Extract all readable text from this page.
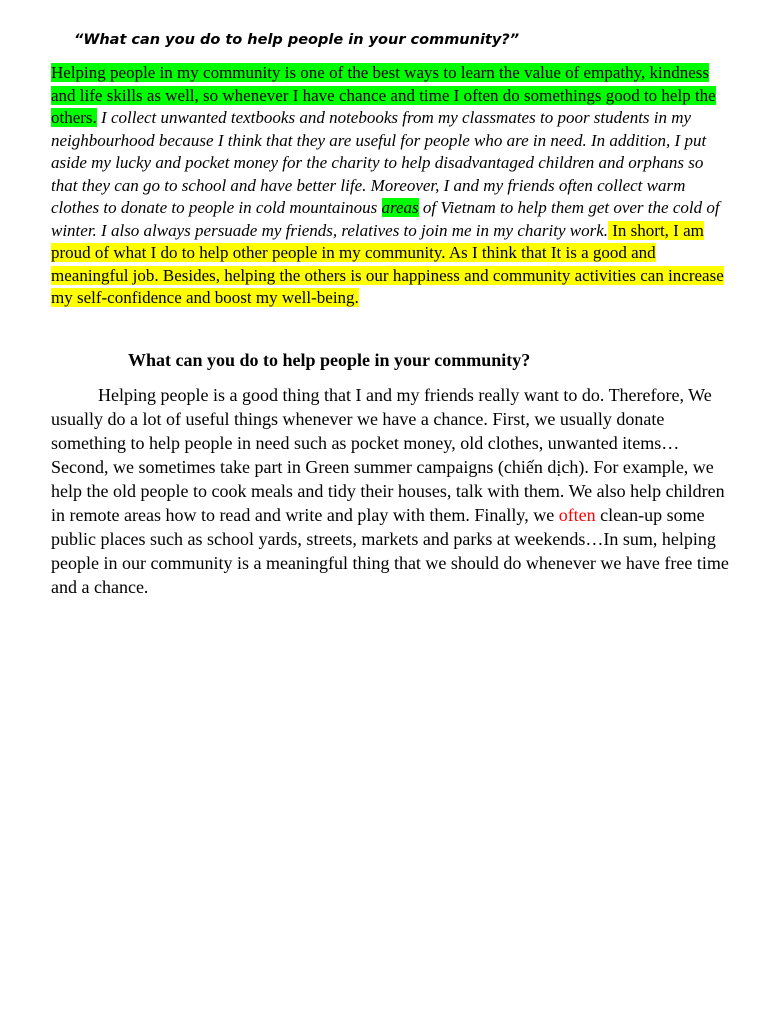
“What can you do to help people in your community?”

Helping people in my community is one of the best ways to learn the value of empathy, kindness and life skills as well, so whenever I have chance and time I often do somethings good to help the others. I collect unwanted textbooks and notebooks from my classmates to poor students in my neighbourhood because I think that they are useful for people who are in need. In addition, I put aside my lucky and pocket money for the charity to help disadvantaged children and orphans so that they can go to school and have better life. Moreover, I and my friends often collect warm clothes to donate to people in cold mountainous areas of Vietnam to help them get over the cold of winter. I also always persuade my friends, relatives to join me in my charity work. In short, I am proud of what I do to help other people in my community. As I think that It is a good and meaningful job. Besides, helping the others is our happiness and community activities can increase my self-confidence and boost my well-being.

What can you do to help people in your community?

Helping people is a good thing that I and my friends really want to do. Therefore, We usually do a lot of useful things whenever we have a chance. First, we usually donate something to help people in need such as pocket money, old clothes, unwanted items… Second, we sometimes take part in Green summer campaigns (chiến dịch). For example, we help the old people to cook meals and tidy their houses, talk with them. We also help children in remote areas how to read and write and play with them. Finally, we often clean-up some public places such as school yards, streets, markets and parks at weekends…In sum, helping people in our community is a meaningful thing that we should do whenever we have free time and a chance.
